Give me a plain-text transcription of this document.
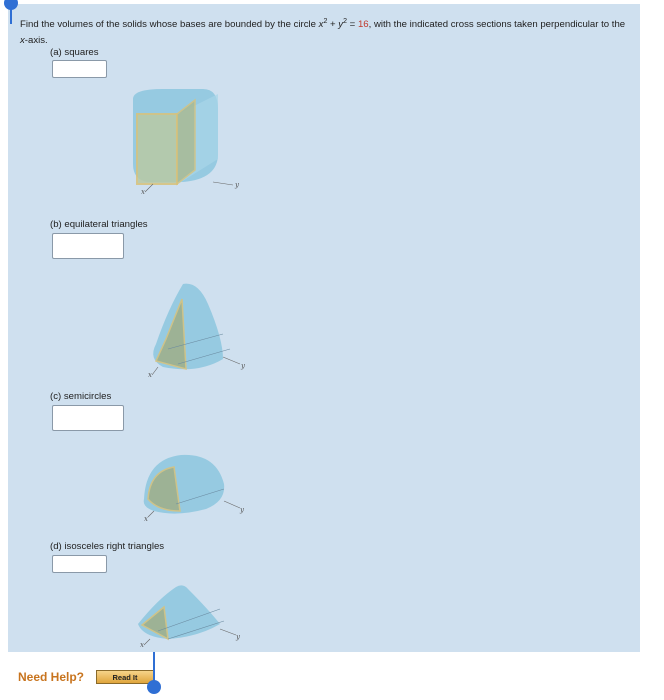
Find the volumes of the solids whose bases are bounded by the circle $x^2 + y^2 = 16$, with the indicated cross sections taken perpendicular to the x-axis.
(a) squares
x
y
(b) equilateral triangles
x
y
(c) semicircles
x
y
(d) isosceles right triangles
x
y
Need Help?	Read It
